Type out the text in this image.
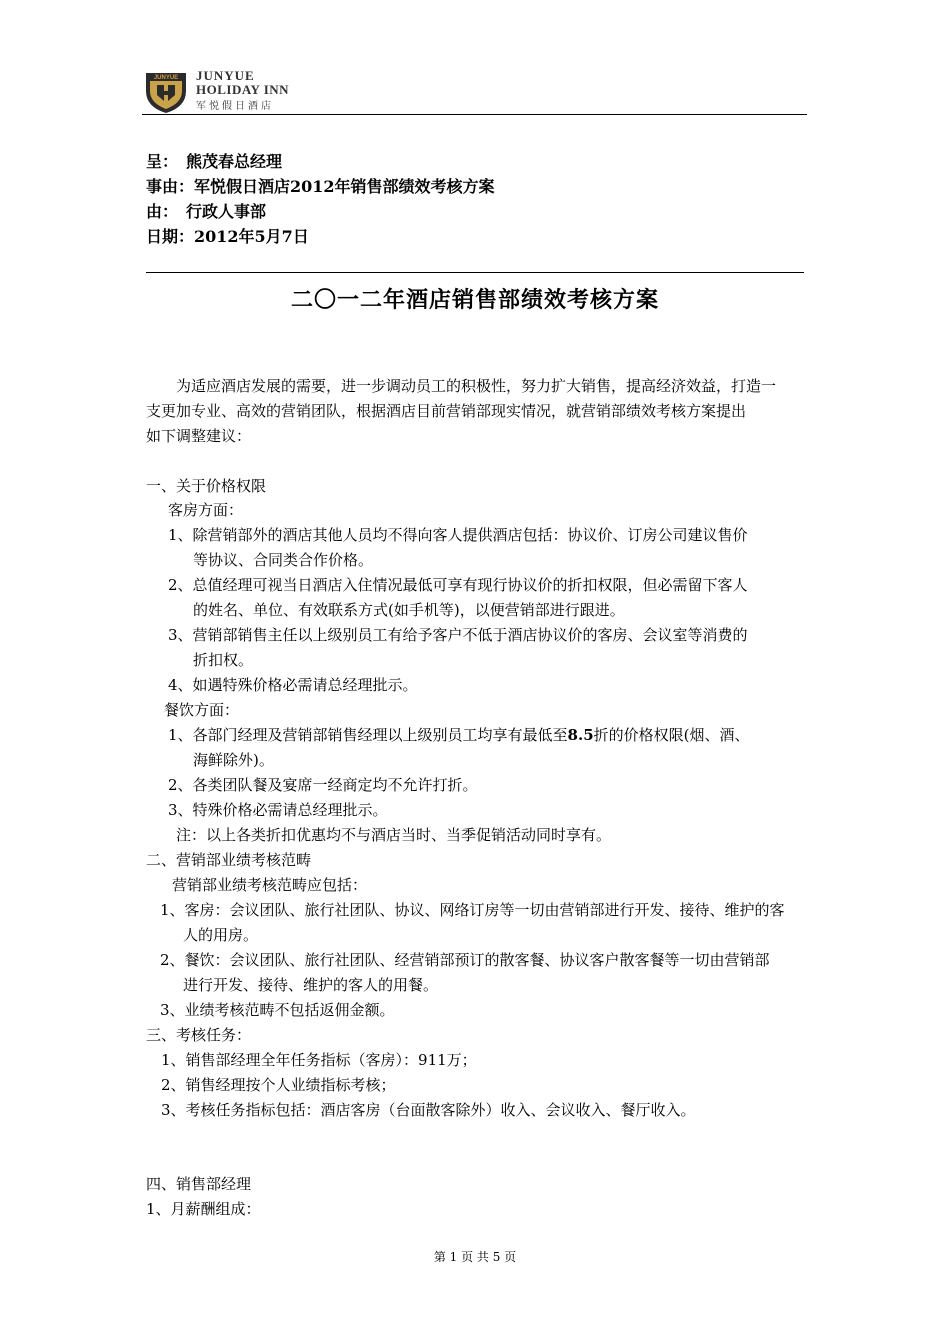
JUNYUE JUNYUE
HOLIDAY INN
军悦假日酒店
呈： 熊茂春总经理
事由：军悦假日酒店2012年销售部绩效考核方案
由： 行政人事部
日期：2012年5月7日
二〇一二年酒店销售部绩效考核方案
为适应酒店发展的需要，进一步调动员工的积极性，努力扩大销售，提高经济效益，打造一
支更加专业、高效的营销团队，根据酒店目前营销部现实情况，就营销部绩效考核方案提出
如下调整建议：
一、关于价格权限
客房方面：
1、除营销部外的酒店其他人员均不得向客人提供酒店包括：协议价、订房公司建议售价
等协议、合同类合作价格。
2、总值经理可视当日酒店入住情况最低可享有现行协议价的折扣权限，但必需留下客人
的姓名、单位、有效联系方式(如手机等)，以便营销部进行跟进。
3、营销部销售主任以上级别员工有给予客户不低于酒店协议价的客房、会议室等消费的
折扣权。
4、如遇特殊价格必需请总经理批示。
餐饮方面：
1、各部门经理及营销部销售经理以上级别员工均享有最低至8.5折的价格权限(烟、酒、
海鲜除外)。
2、各类团队餐及宴席一经商定均不允许打折。
3、特殊价格必需请总经理批示。
注：以上各类折扣优惠均不与酒店当时、当季促销活动同时享有。
二、营销部业绩考核范畴
营销部业绩考核范畴应包括：
1、客房：会议团队、旅行社团队、协议、网络订房等一切由营销部进行开发、接待、维护的客
人的用房。
2、餐饮：会议团队、旅行社团队、经营销部预订的散客餐、协议客户散客餐等一切由营销部
进行开发、接待、维护的客人的用餐。
3、业绩考核范畴不包括返佣金额。
三、考核任务：
1、销售部经理全年任务指标（客房）：911万；
2、销售经理按个人业绩指标考核；
3、考核任务指标包括：酒店客房（台面散客除外）收入、会议收入、餐厅收入。
四、销售部经理
1、月薪酬组成：
第 1 页 共 5 页
